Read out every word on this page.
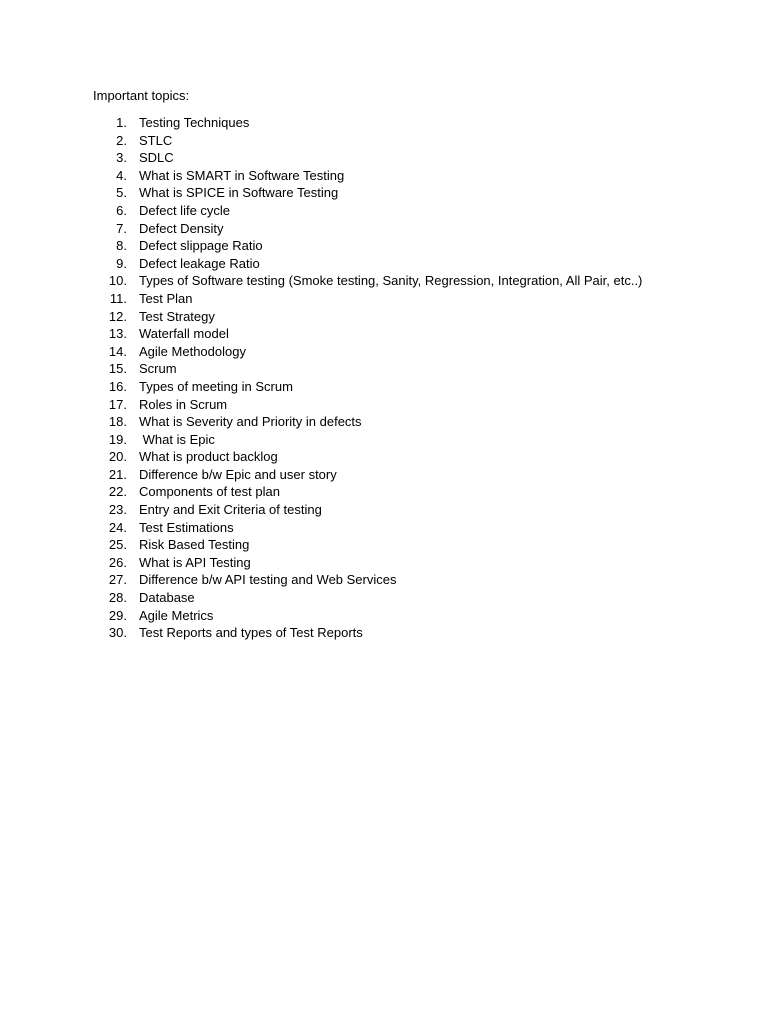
Important topics:
1. Testing Techniques
2. STLC
3. SDLC
4. What is SMART in Software Testing
5. What is SPICE in Software Testing
6. Defect life cycle
7. Defect Density
8. Defect slippage Ratio
9. Defect leakage Ratio
10. Types of Software testing (Smoke testing, Sanity, Regression, Integration, All Pair, etc..)
11. Test Plan
12. Test Strategy
13. Waterfall model
14. Agile Methodology
15. Scrum
16. Types of meeting in Scrum
17. Roles in Scrum
18. What is Severity and Priority in defects
19. What is Epic
20. What is product backlog
21. Difference b/w Epic and user story
22. Components of test plan
23. Entry and Exit Criteria of testing
24. Test Estimations
25. Risk Based Testing
26. What is API Testing
27. Difference b/w API testing and Web Services
28. Database
29. Agile Metrics
30. Test Reports and types of Test Reports
